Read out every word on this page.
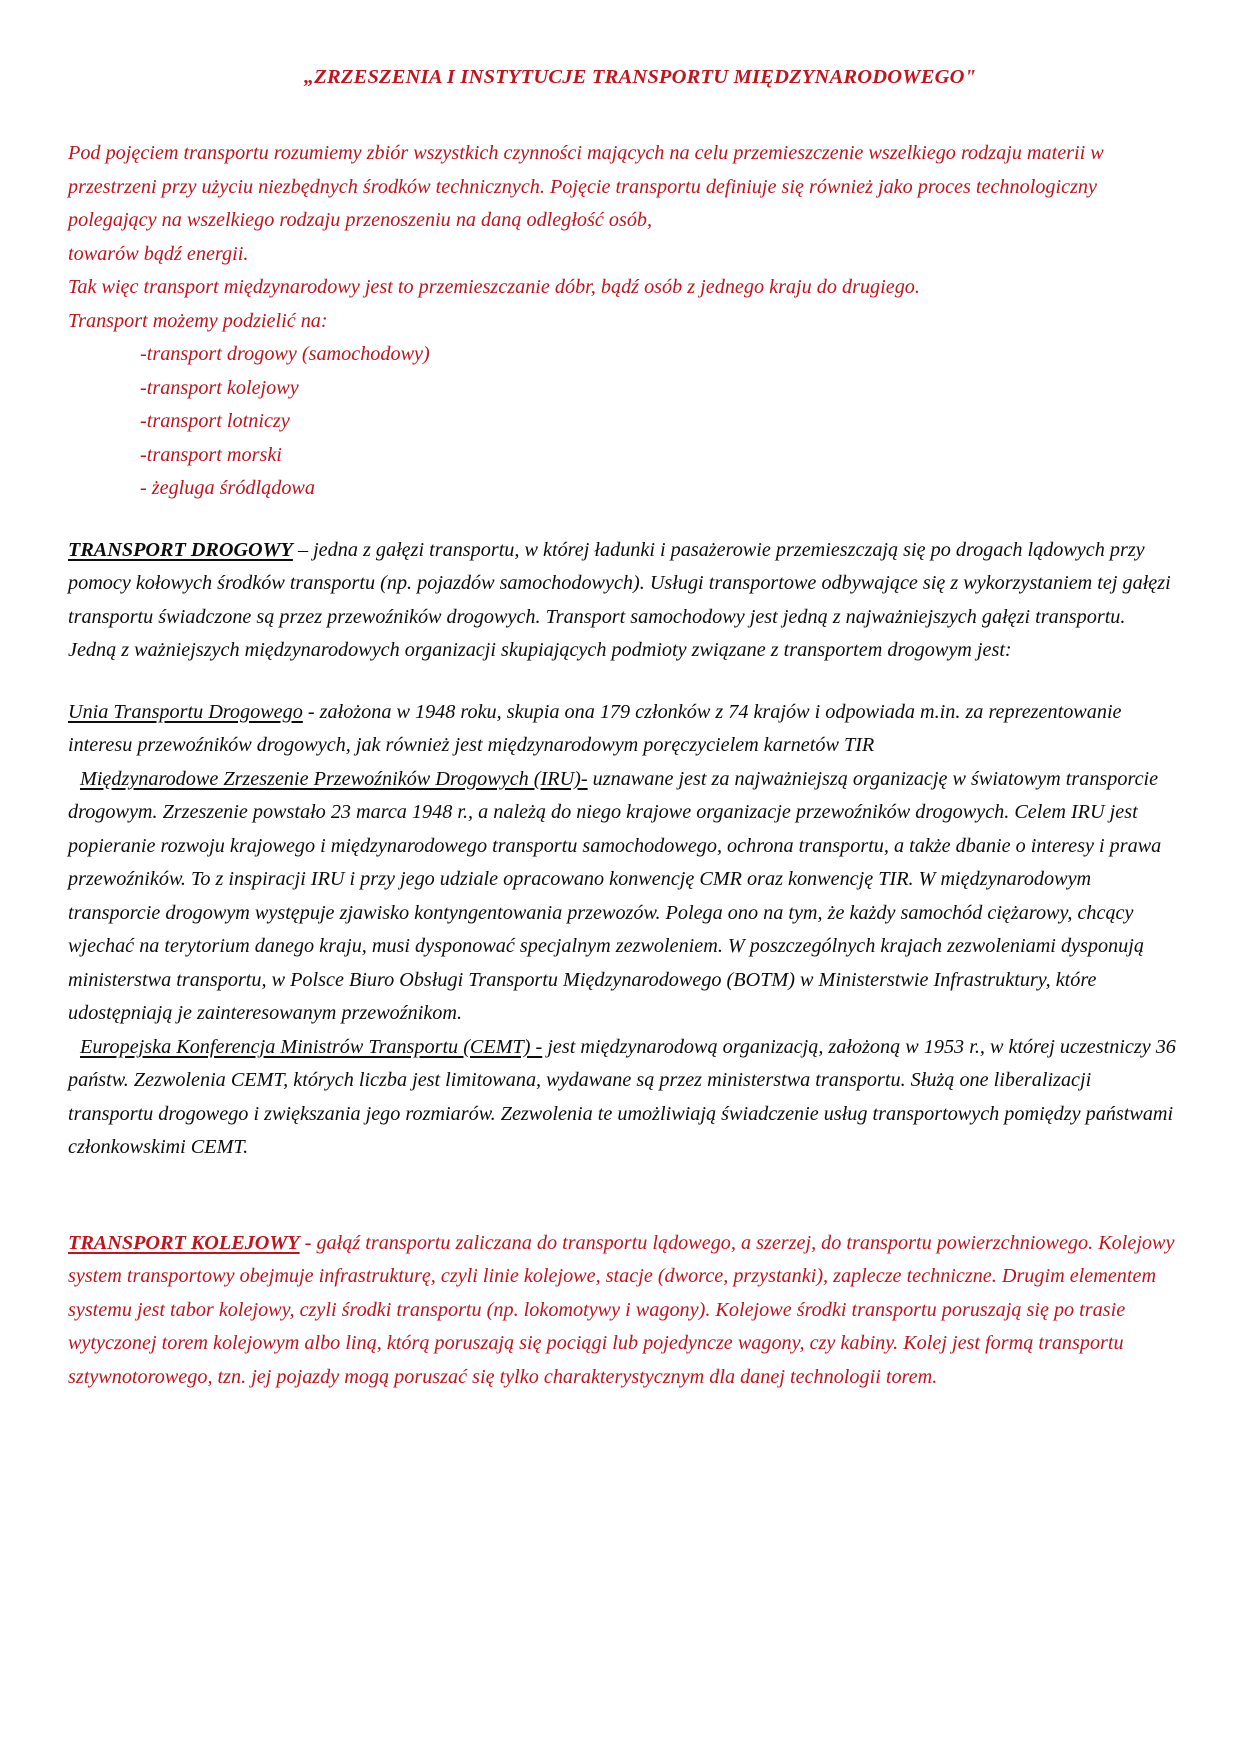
„ZRZESZENIA I INSTYTUCJE TRANSPORTU MIĘDZYNARODOWEGO"

Pod pojęciem transportu rozumiemy zbiór wszystkich czynności mających na celu przemieszczenie wszelkiego rodzaju materii w przestrzeni przy użyciu niezbędnych środków technicznych. Pojęcie transportu definiuje się również jako proces technologiczny polegający na wszelkiego rodzaju przenoszeniu na daną odległość osób,

towarów bądź energii.

Tak więc transport międzynarodowy jest to przemieszczanie dóbr, bądź osób z jednego kraju do drugiego.

Transport możemy podzielić na:

-transport drogowy (samochodowy)
-transport kolejowy
-transport lotniczy
-transport morski
- żegluga śródlądowa

TRANSPORT DROGOWY – jedna z gałęzi transportu, w której ładunki i pasażerowie przemieszczają się po drogach lądowych przy pomocy kołowych środków transportu (np. pojazdów samochodowych). Usługi transportowe odbywające się z wykorzystaniem tej gałęzi transportu świadczone są przez przewoźników drogowych. Transport samochodowy jest jedną z najważniejszych gałęzi transportu.

Jedną z ważniejszych międzynarodowych organizacji skupiających podmioty związane z transportem drogowym jest:

Unia Transportu Drogowego - założona w 1948 roku, skupia ona 179 członków z 74 krajów i odpowiada m.in. za reprezentowanie interesu przewoźników drogowych, jak również jest międzynarodowym poręczycielem karnetów TIR

Międzynarodowe Zrzeszenie Przewoźników Drogowych (IRU)- uznawane jest za najważniejszą organizację w światowym transporcie drogowym. Zrzeszenie powstało 23 marca 1948 r., a należą do niego krajowe organizacje przewoźników drogowych. Celem IRU jest popieranie rozwoju krajowego i międzynarodowego transportu samochodowego, ochrona transportu, a także dbanie o interesy i prawa przewoźników. To z inspiracji IRU i przy jego udziale opracowano konwencję CMR oraz konwencję TIR. W międzynarodowym transporcie drogowym występuje zjawisko kontyngentowania przewozów. Polega ono na tym, że każdy samochód ciężarowy, chcący wjechać na terytorium danego kraju, musi dysponować specjalnym zezwoleniem. W poszczególnych krajach zezwoleniami dysponują ministerstwa transportu, w Polsce Biuro Obsługi Transportu Międzynarodowego (BOTM) w Ministerstwie Infrastruktury, które udostępniają je zainteresowanym przewoźnikom.

Europejska Konferencja Ministrów Transportu (CEMT) - jest międzynarodową organizacją, założoną w 1953 r., w której uczestniczy 36 państw. Zezwolenia CEMT, których liczba jest limitowana, wydawane są przez ministerstwa transportu. Służą one liberalizacji transportu drogowego i zwiększania jego rozmiarów. Zezwolenia te umożliwiają świadczenie usług transportowych pomiędzy państwami członkowskimi CEMT.

TRANSPORT KOLEJOWY - gałąź transportu zaliczana do transportu lądowego, a szerzej, do transportu powierzchniowego. Kolejowy system transportowy obejmuje infrastrukturę, czyli linie kolejowe, stacje (dworce, przystanki), zaplecze techniczne. Drugim elementem systemu jest tabor kolejowy, czyli środki transportu (np. lokomotywy i wagony). Kolejowe środki transportu poruszają się po trasie wytyczonej torem kolejowym albo liną, którą poruszają się pociągi lub pojedyncze wagony, czy kabiny. Kolej jest formą transportu sztywnotorowego, tzn. jej pojazdy mogą poruszać się tylko charakterystycznym dla danej technologii torem.
